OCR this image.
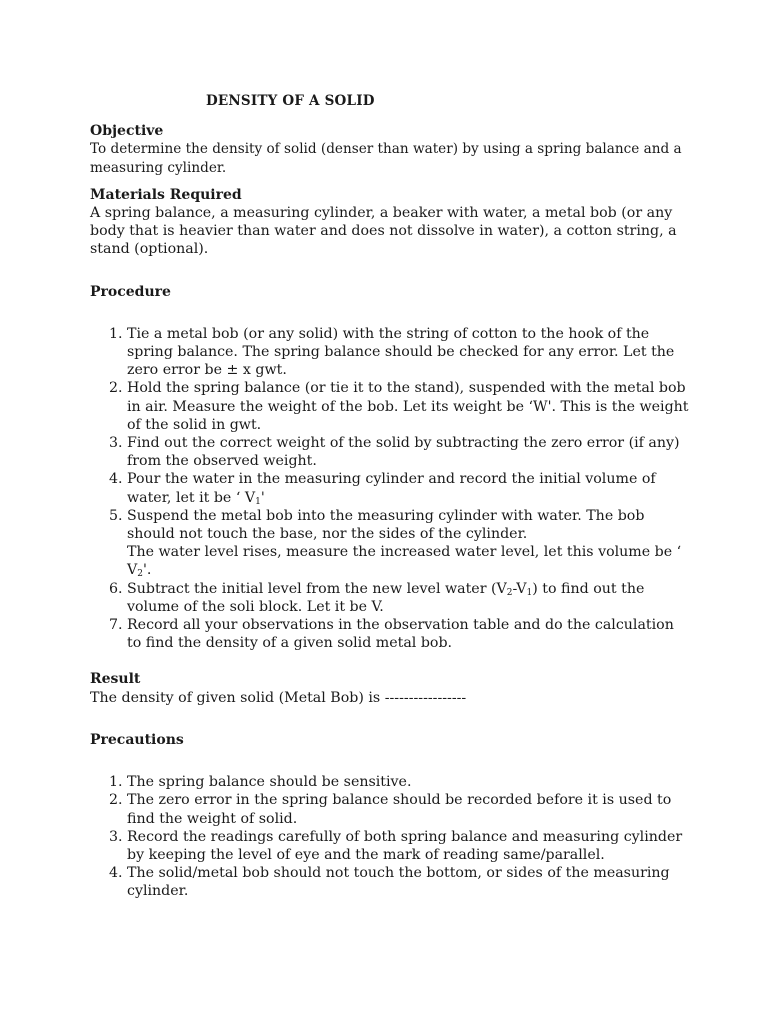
DENSITY OF A SOLID
Objective
To determine the density of solid (denser than water) by using a spring balance and a measuring cylinder.
Materials Required
A spring balance, a measuring cylinder, a beaker with water, a metal bob (or any body that is heavier than water and does not dissolve in water), a cotton string, a stand (optional).
Procedure
1. Tie a metal bob (or any solid) with the string of cotton to the hook of the spring balance. The spring balance should be checked for any error. Let the zero error be ± x gwt.
2. Hold the spring balance (or tie it to the stand), suspended with the metal bob in air. Measure the weight of the bob. Let its weight be ‘W'. This is the weight of the solid in gwt.
3. Find out the correct weight of the solid by subtracting the zero error (if any) from the observed weight.
4. Pour the water in the measuring cylinder and record the initial volume of water, let it be ‘ $V_1'$
5. Suspend the metal bob into the measuring cylinder with water. The bob should not touch the base, nor the sides of the cylinder.
The water level rises, measure the increased water level, let this volume be ‘ $V_2'$.
6. Subtract the initial level from the new level water $(V_2-V_1)$ to find out the volume of the soli block. Let it be V.
7. Record all your observations in the observation table and do the calculation to find the density of a given solid metal bob.
Result
The density of given solid (Metal Bob) is -----------------
Precautions
1. The spring balance should be sensitive.
2. The zero error in the spring balance should be recorded before it is used to find the weight of solid.
3. Record the readings carefully of both spring balance and measuring cylinder by keeping the level of eye and the mark of reading same/parallel.
4. The solid/metal bob should not touch the bottom, or sides of the measuring cylinder.
